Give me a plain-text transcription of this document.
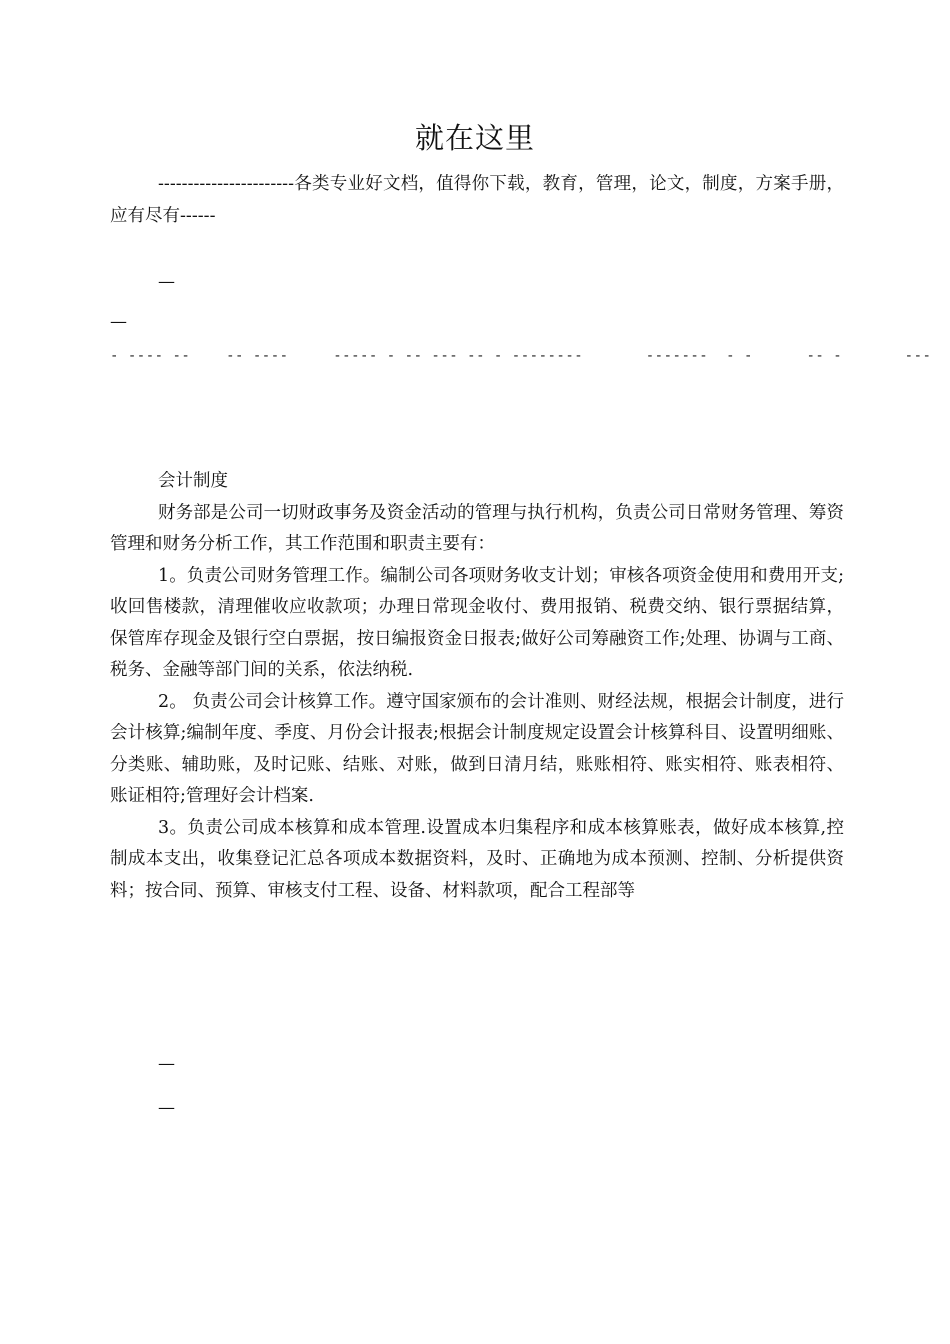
就在这里
-----------------------各类专业好文档，值得你下载，教育，管理，论文，制度，方案手册，应有尽有------
—
—
- ---- --    -- ----     ----- - -- --- -- - --------       -------  - -      -- -       ---

会计制度

财务部是公司一切财政事务及资金活动的管理与执行机构，负责公司日常财务管理、筹资管理和财务分析工作，其工作范围和职责主要有：

1。负责公司财务管理工作。编制公司各项财务收支计划；审核各项资金使用和费用开支;收回售楼款，清理催收应收款项；办理日常现金收付、费用报销、税费交纳、银行票据结算，保管库存现金及银行空白票据，按日编报资金日报表;做好公司筹融资工作;处理、协调与工商、税务、金融等部门间的关系，依法纳税.

2。 负责公司会计核算工作。遵守国家颁布的会计准则、财经法规，根据会计制度，进行会计核算;编制年度、季度、月份会计报表;根据会计制度规定设置会计核算科目、设置明细账、分类账、辅助账，及时记账、结账、对账，做到日清月结，账账相符、账实相符、账表相符、账证相符;管理好会计档案.

3。负责公司成本核算和成本管理.设置成本归集程序和成本核算账表，做好成本核算,控制成本支出，收集登记汇总各项成本数据资料，及时、正确地为成本预测、控制、分析提供资料；按合同、预算、审核支付工程、设备、材料款项，配合工程部等

—
—
